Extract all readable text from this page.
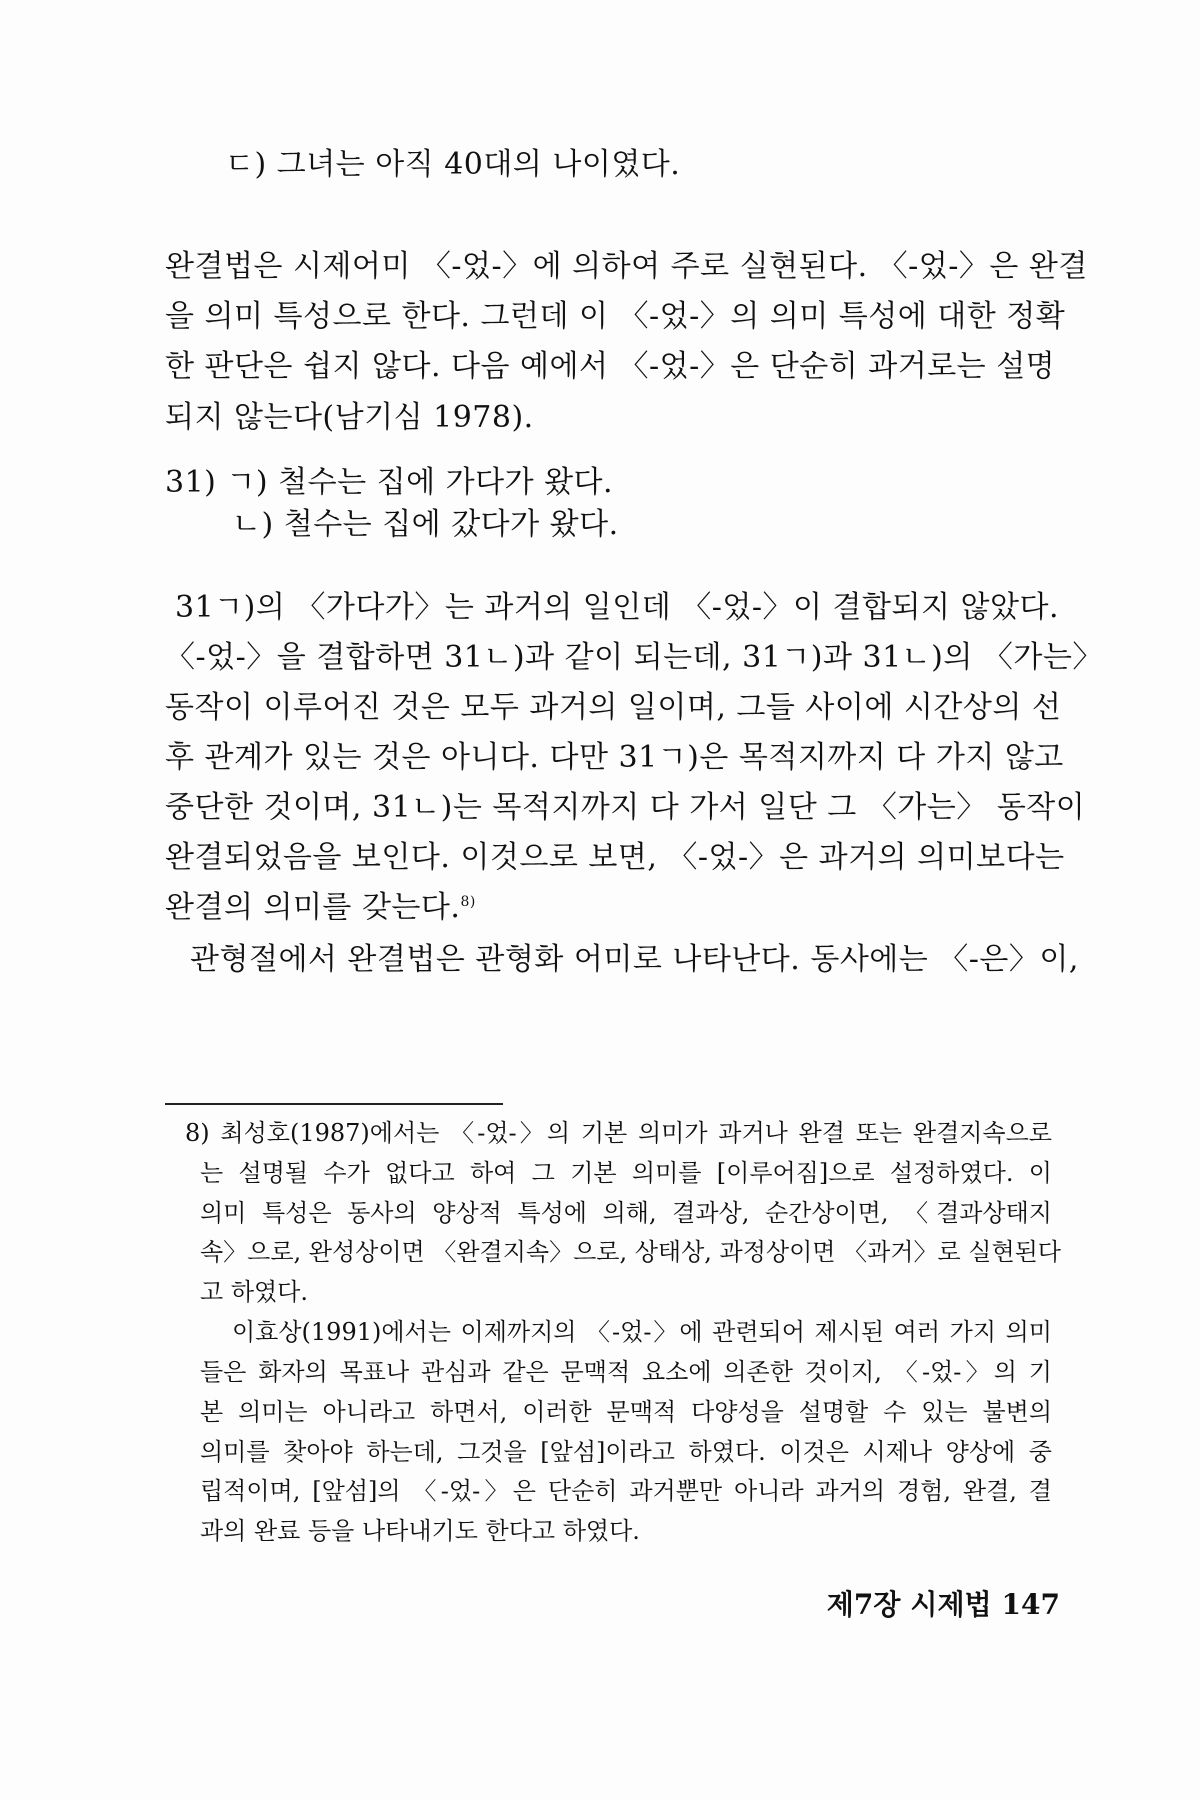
ㄷ) 그녀는 아직 40대의 나이였다.
완결법은 시제어미 〈-었-〉에 의하여 주로 실현된다. 〈-었-〉은 완결
을 의미 특성으로 한다. 그런데 이 〈-었-〉의 의미 특성에 대한 정확
한 판단은 쉽지 않다. 다음 예에서 〈-었-〉은 단순히 과거로는 설명
되지 않는다(남기심 1978).
31) ㄱ) 철수는 집에 가다가 왔다.
ㄴ) 철수는 집에 갔다가 왔다.
31ㄱ)의 〈가다가〉는 과거의 일인데 〈-었-〉이 결합되지 않았다.
〈-었-〉을 결합하면 31ㄴ)과 같이 되는데, 31ㄱ)과 31ㄴ)의 〈가는〉
동작이 이루어진 것은 모두 과거의 일이며, 그들 사이에 시간상의 선
후 관계가 있는 것은 아니다. 다만 31ㄱ)은 목적지까지 다 가지 않고
중단한 것이며, 31ㄴ)는 목적지까지 다 가서 일단 그 〈가는〉 동작이
완결되었음을 보인다. 이것으로 보면, 〈-었-〉은 과거의 의미보다는
완결의 의미를 갖는다.$^{8)}$
관형절에서 완결법은 관형화 어미로 나타난다. 동사에는 〈-은〉이,
8) 최성호(1987)에서는 〈-었-〉의 기본 의미가 과거나 완결 또는 완결지속으로
는 설명될 수가 없다고 하여 그 기본 의미를 [이루어짐]으로 설정하였다. 이
의미 특성은 동사의 양상적 특성에 의해, 결과상, 순간상이면, 〈결과상태지
속〉으로, 완성상이면 〈완결지속〉으로, 상태상, 과정상이면 〈과거〉로 실현된다
고 하였다.
이효상(1991)에서는 이제까지의 〈-었-〉에 관련되어 제시된 여러 가지 의미
들은 화자의 목표나 관심과 같은 문맥적 요소에 의존한 것이지, 〈-었-〉의 기
본 의미는 아니라고 하면서, 이러한 문맥적 다양성을 설명할 수 있는 불변의
의미를 찾아야 하는데, 그것을 [앞섬]이라고 하였다. 이것은 시제나 양상에 중
립적이며, [앞섬]의 〈-었-〉은 단순히 과거뿐만 아니라 과거의 경험, 완결, 결
과의 완료 등을 나타내기도 한다고 하였다.
제7장 시제법 147
